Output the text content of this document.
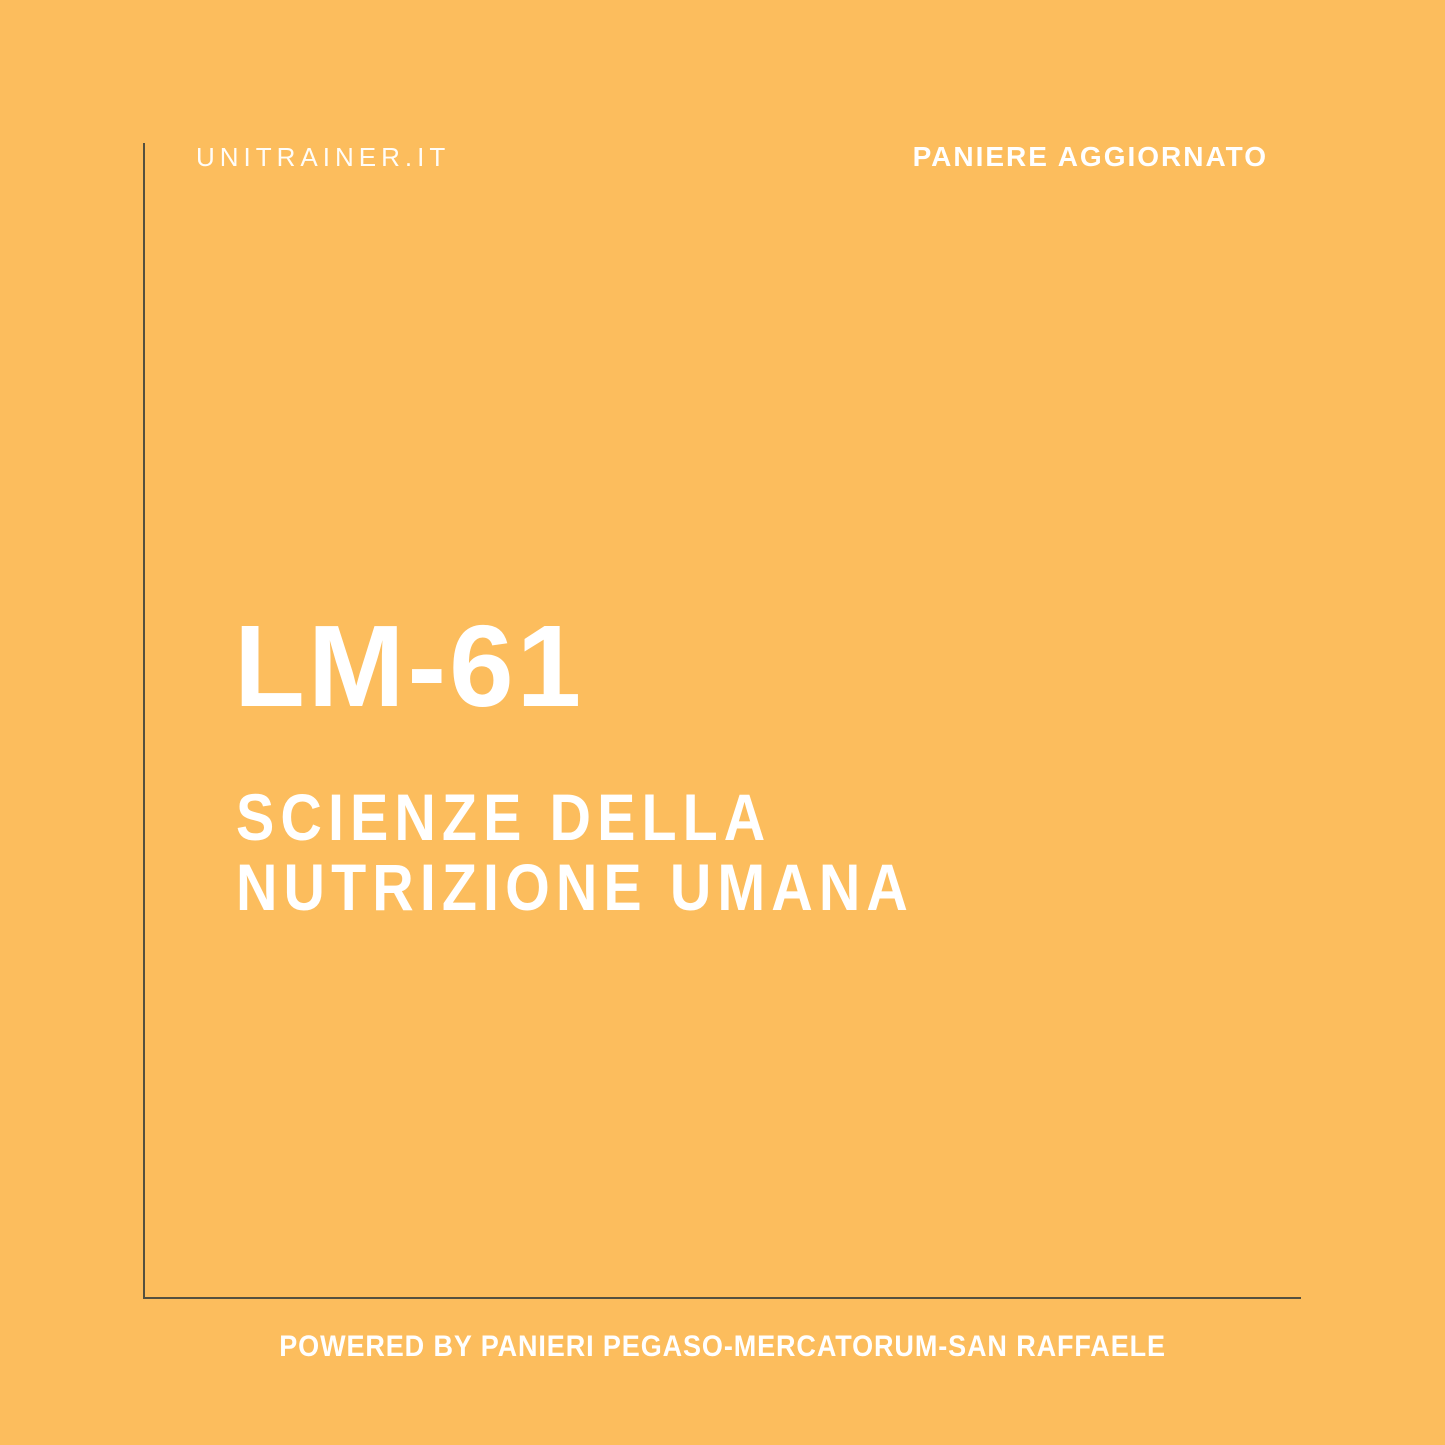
UNITRAINER.IT	PANIERE AGGIORNATO
LM-61
SCIENZE DELLA
NUTRIZIONE UMANA
POWERED BY PANIERI PEGASO-MERCATORUM-SAN RAFFAELE
